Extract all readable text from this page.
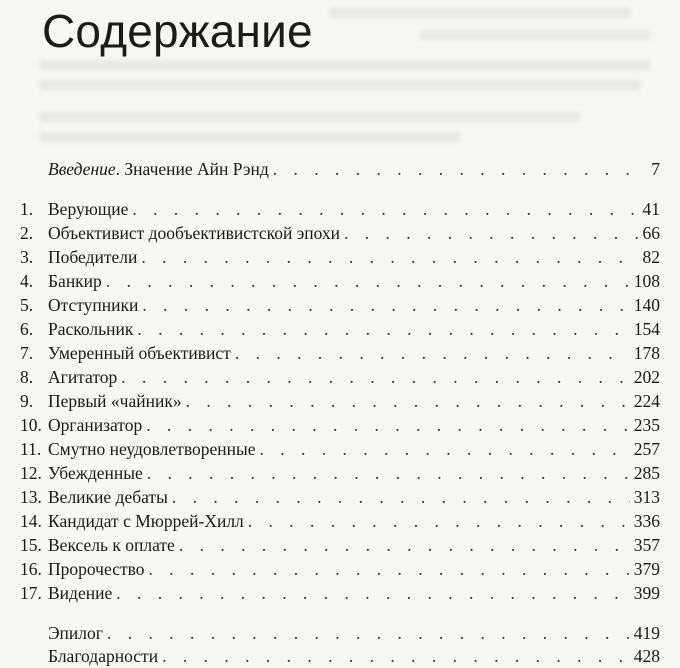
Содержание
Введение. Значение Айн Рэнд . . .	7
1. Верующие . . .	41
2. Объективист дообъективистской эпохи . . .	66
3. Победители . . .	82
4. Банкир . . .	108
5. Отступники . . .	140
6. Раскольник . . .	154
7. Умеренный объективист . . .	178
8. Агитатор . . .	202
9. Первый «чайник» . . .	224
10. Организатор . . .	235
11. Смутно неудовлетворенные . . .	257
12. Убежденные . . .	285
13. Великие дебаты . . .	313
14. Кандидат с Мюррей-Хилл . . .	336
15. Вексель к оплате . . .	357
16. Пророчество . . .	379
17. Видение . . .	399
Эпилог . . .	419
Благодарности . . .	428
